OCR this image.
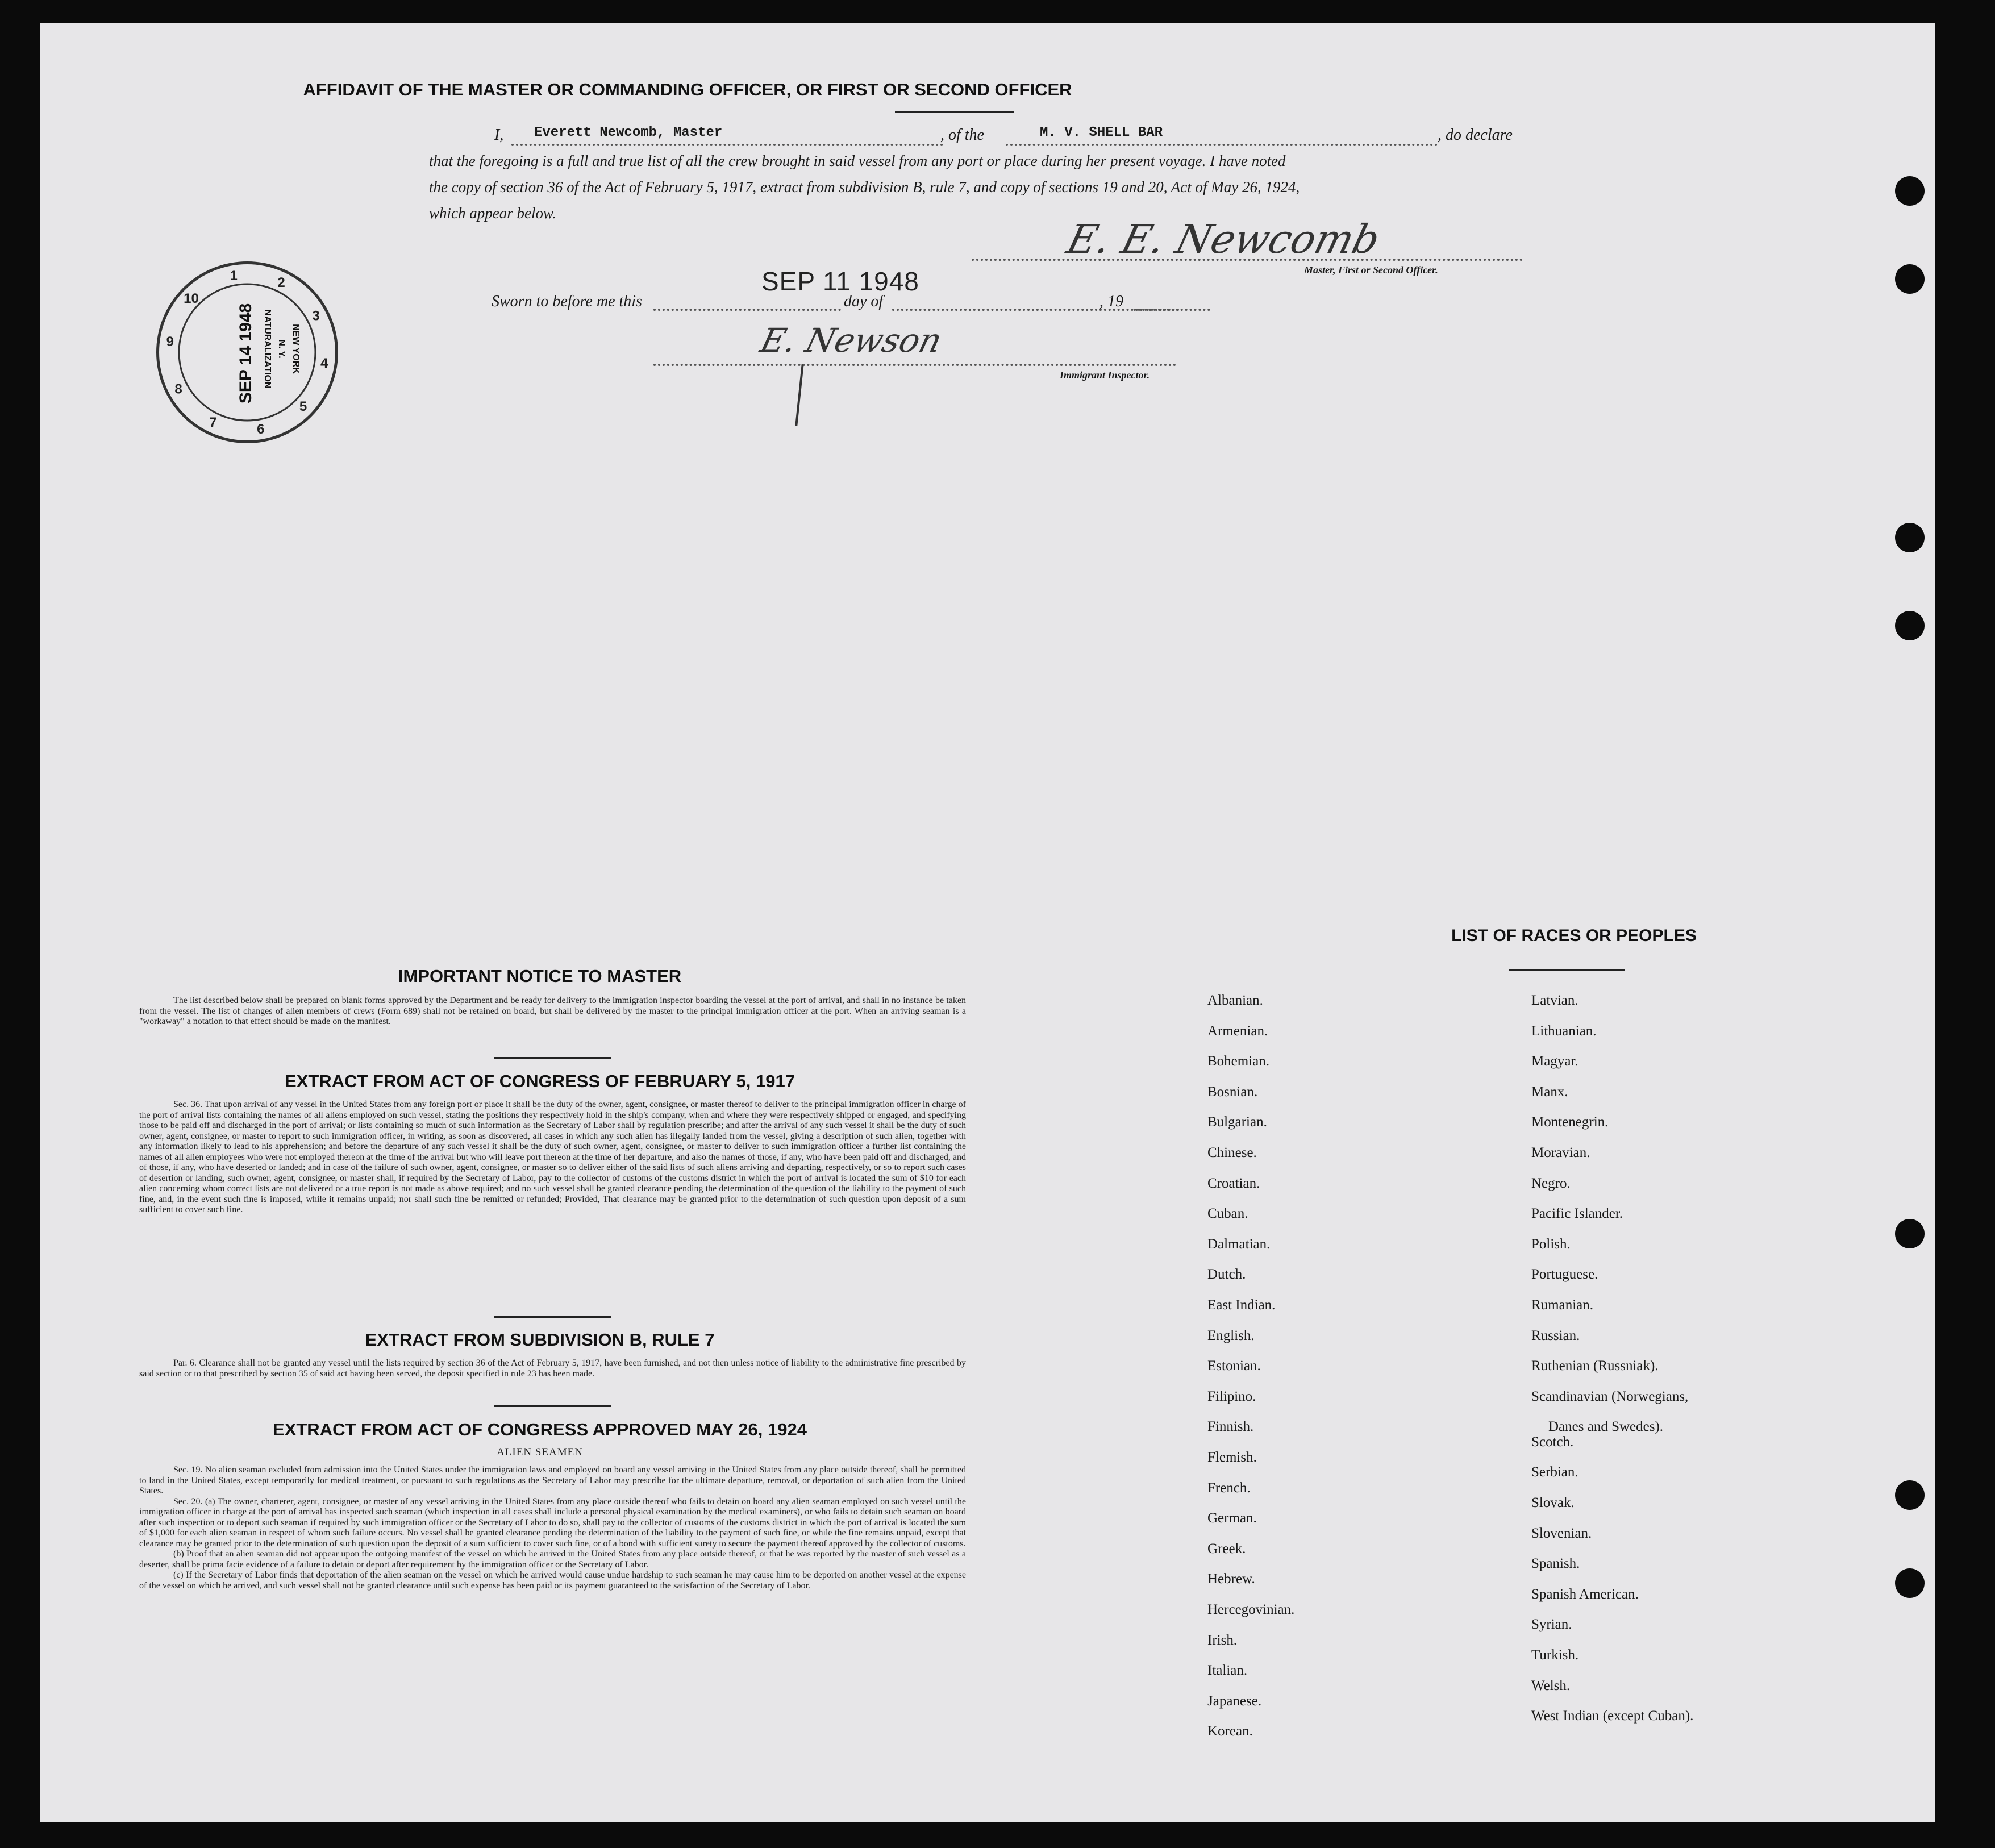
AFFIDAVIT OF THE MASTER OR COMMANDING OFFICER, OR FIRST OR SECOND OFFICER
I, Everett Newcomb, Master	, of the	M. V. SHELL BAR	, do declare
that the foregoing is a full and true list of all the crew brought in said vessel from any port or place during her present voyage. I have noted
the copy of section 36 of the Act of February 5, 1917, extract from subdivision B, rule 7, and copy of sections 19 and 20, Act of May 26, 1924,
which appear below.
E. E. Newcomb
Master, First or Second Officer.
SEP 11 1948
Sworn to before me this	day of	, 19
E. Newson
Immigrant Inspector.
1	2
3
4
5
6
7
8
9
10
SEP 14 1948 NATURALIZATION N. Y. NEW YORK
IMPORTANT NOTICE TO MASTER

The list described below shall be prepared on blank forms approved by the Department and be ready for delivery to the immigration inspector boarding the vessel at the port of arrival, and shall in no instance be taken from the vessel. The list of changes of alien members of crews (Form 689) shall not be retained on board, but shall be delivered by the master to the principal immigration officer at the port. When an arriving seaman is a "workaway" a notation to that effect should be made on the manifest.

EXTRACT FROM ACT OF CONGRESS OF FEBRUARY 5, 1917

Sec. 36. That upon arrival of any vessel in the United States from any foreign port or place it shall be the duty of the owner, agent, consignee, or master thereof to deliver to the principal immigration officer in charge of the port of arrival lists containing the names of all aliens employed on such vessel, stating the positions they respectively hold in the ship's company, when and where they were respectively shipped or engaged, and specifying those to be paid off and discharged in the port of arrival; or lists containing so much of such information as the Secretary of Labor shall by regulation prescribe; and after the arrival of any such vessel it shall be the duty of such owner, agent, consignee, or master to report to such immigration officer, in writing, as soon as discovered, all cases in which any such alien has illegally landed from the vessel, giving a description of such alien, together with any information likely to lead to his apprehension; and before the departure of any such vessel it shall be the duty of such owner, agent, consignee, or master to deliver to such immigration officer a further list containing the names of all alien employees who were not employed thereon at the time of the arrival but who will leave port thereon at the time of her departure, and also the names of those, if any, who have been paid off and discharged, and of those, if any, who have deserted or landed; and in case of the failure of such owner, agent, consignee, or master so to deliver either of the said lists of such aliens arriving and departing, respectively, or so to report such cases of desertion or landing, such owner, agent, consignee, or master shall, if required by the Secretary of Labor, pay to the collector of customs of the customs district in which the port of arrival is located the sum of $10 for each alien concerning whom correct lists are not delivered or a true report is not made as above required; and no such vessel shall be granted clearance pending the determination of the question of the liability to the payment of such fine, and, in the event such fine is imposed, while it remains unpaid; nor shall such fine be remitted or refunded; Provided, That clearance may be granted prior to the determination of such question upon deposit of a sum sufficient to cover such fine.

EXTRACT FROM SUBDIVISION B, RULE 7

Par. 6. Clearance shall not be granted any vessel until the lists required by section 36 of the Act of February 5, 1917, have been furnished, and not then unless notice of liability to the administrative fine prescribed by said section or to that prescribed by section 35 of said act having been served, the deposit specified in rule 23 has been made.

EXTRACT FROM ACT OF CONGRESS APPROVED MAY 26, 1924
ALIEN SEAMEN

Sec. 19. No alien seaman excluded from admission into the United States under the immigration laws and employed on board any vessel arriving in the United States from any place outside thereof, shall be permitted to land in the United States, except temporarily for medical treatment, or pursuant to such regulations as the Secretary of Labor may prescribe for the ultimate departure, removal, or deportation of such alien from the United States.

Sec. 20. (a) The owner, charterer, agent, consignee, or master of any vessel arriving in the United States from any place outside thereof who fails to detain on board any alien seaman employed on such vessel until the immigration officer in charge at the port of arrival has inspected such seaman (which inspection in all cases shall include a personal physical examination by the medical examiners), or who fails to detain such seaman on board after such inspection or to deport such seaman if required by such immigration officer or the Secretary of Labor to do so, shall pay to the collector of customs of the customs district in which the port of arrival is located the sum of $1,000 for each alien seaman in respect of whom such failure occurs. No vessel shall be granted clearance pending the determination of the liability to the payment of such fine, or while the fine remains unpaid, except that clearance may be granted prior to the determination of such question upon the deposit of a sum sufficient to cover such fine, or of a bond with sufficient surety to secure the payment thereof approved by the collector of customs.

(b) Proof that an alien seaman did not appear upon the outgoing manifest of the vessel on which he arrived in the United States from any place outside thereof, or that he was reported by the master of such vessel as a deserter, shall be prima facie evidence of a failure to detain or deport after requirement by the immigration officer or the Secretary of Labor.

(c) If the Secretary of Labor finds that deportation of the alien seaman on the vessel on which he arrived would cause undue hardship to such seaman he may cause him to be deported on another vessel at the expense of the vessel on which he arrived, and such vessel shall not be granted clearance until such expense has been paid or its payment guaranteed to the satisfaction of the Secretary of Labor.

LIST OF RACES OR PEOPLES
Danes and Swedes).
Albanian.
Armenian.
Bohemian.
Bosnian.
Bulgarian.
Chinese.
Croatian.
Cuban.
Dalmatian.
Dutch.
East Indian.
English.
Estonian.
Filipino.
Finnish.
Flemish.
French.
German.
Greek.
Hebrew.
Hercegovinian.
Irish.
Italian.
Japanese.
Korean.
Latvian.
Lithuanian.
Magyar.
Manx.
Montenegrin.
Moravian.
Negro.
Pacific Islander.
Polish.
Portuguese.
Rumanian.
Russian.
Ruthenian (Russniak).
Scandinavian (Norwegians,
Scotch.
Serbian.
Slovak.
Slovenian.
Spanish.
Spanish American.
Syrian.
Turkish.
Welsh.
West Indian (except Cuban).
